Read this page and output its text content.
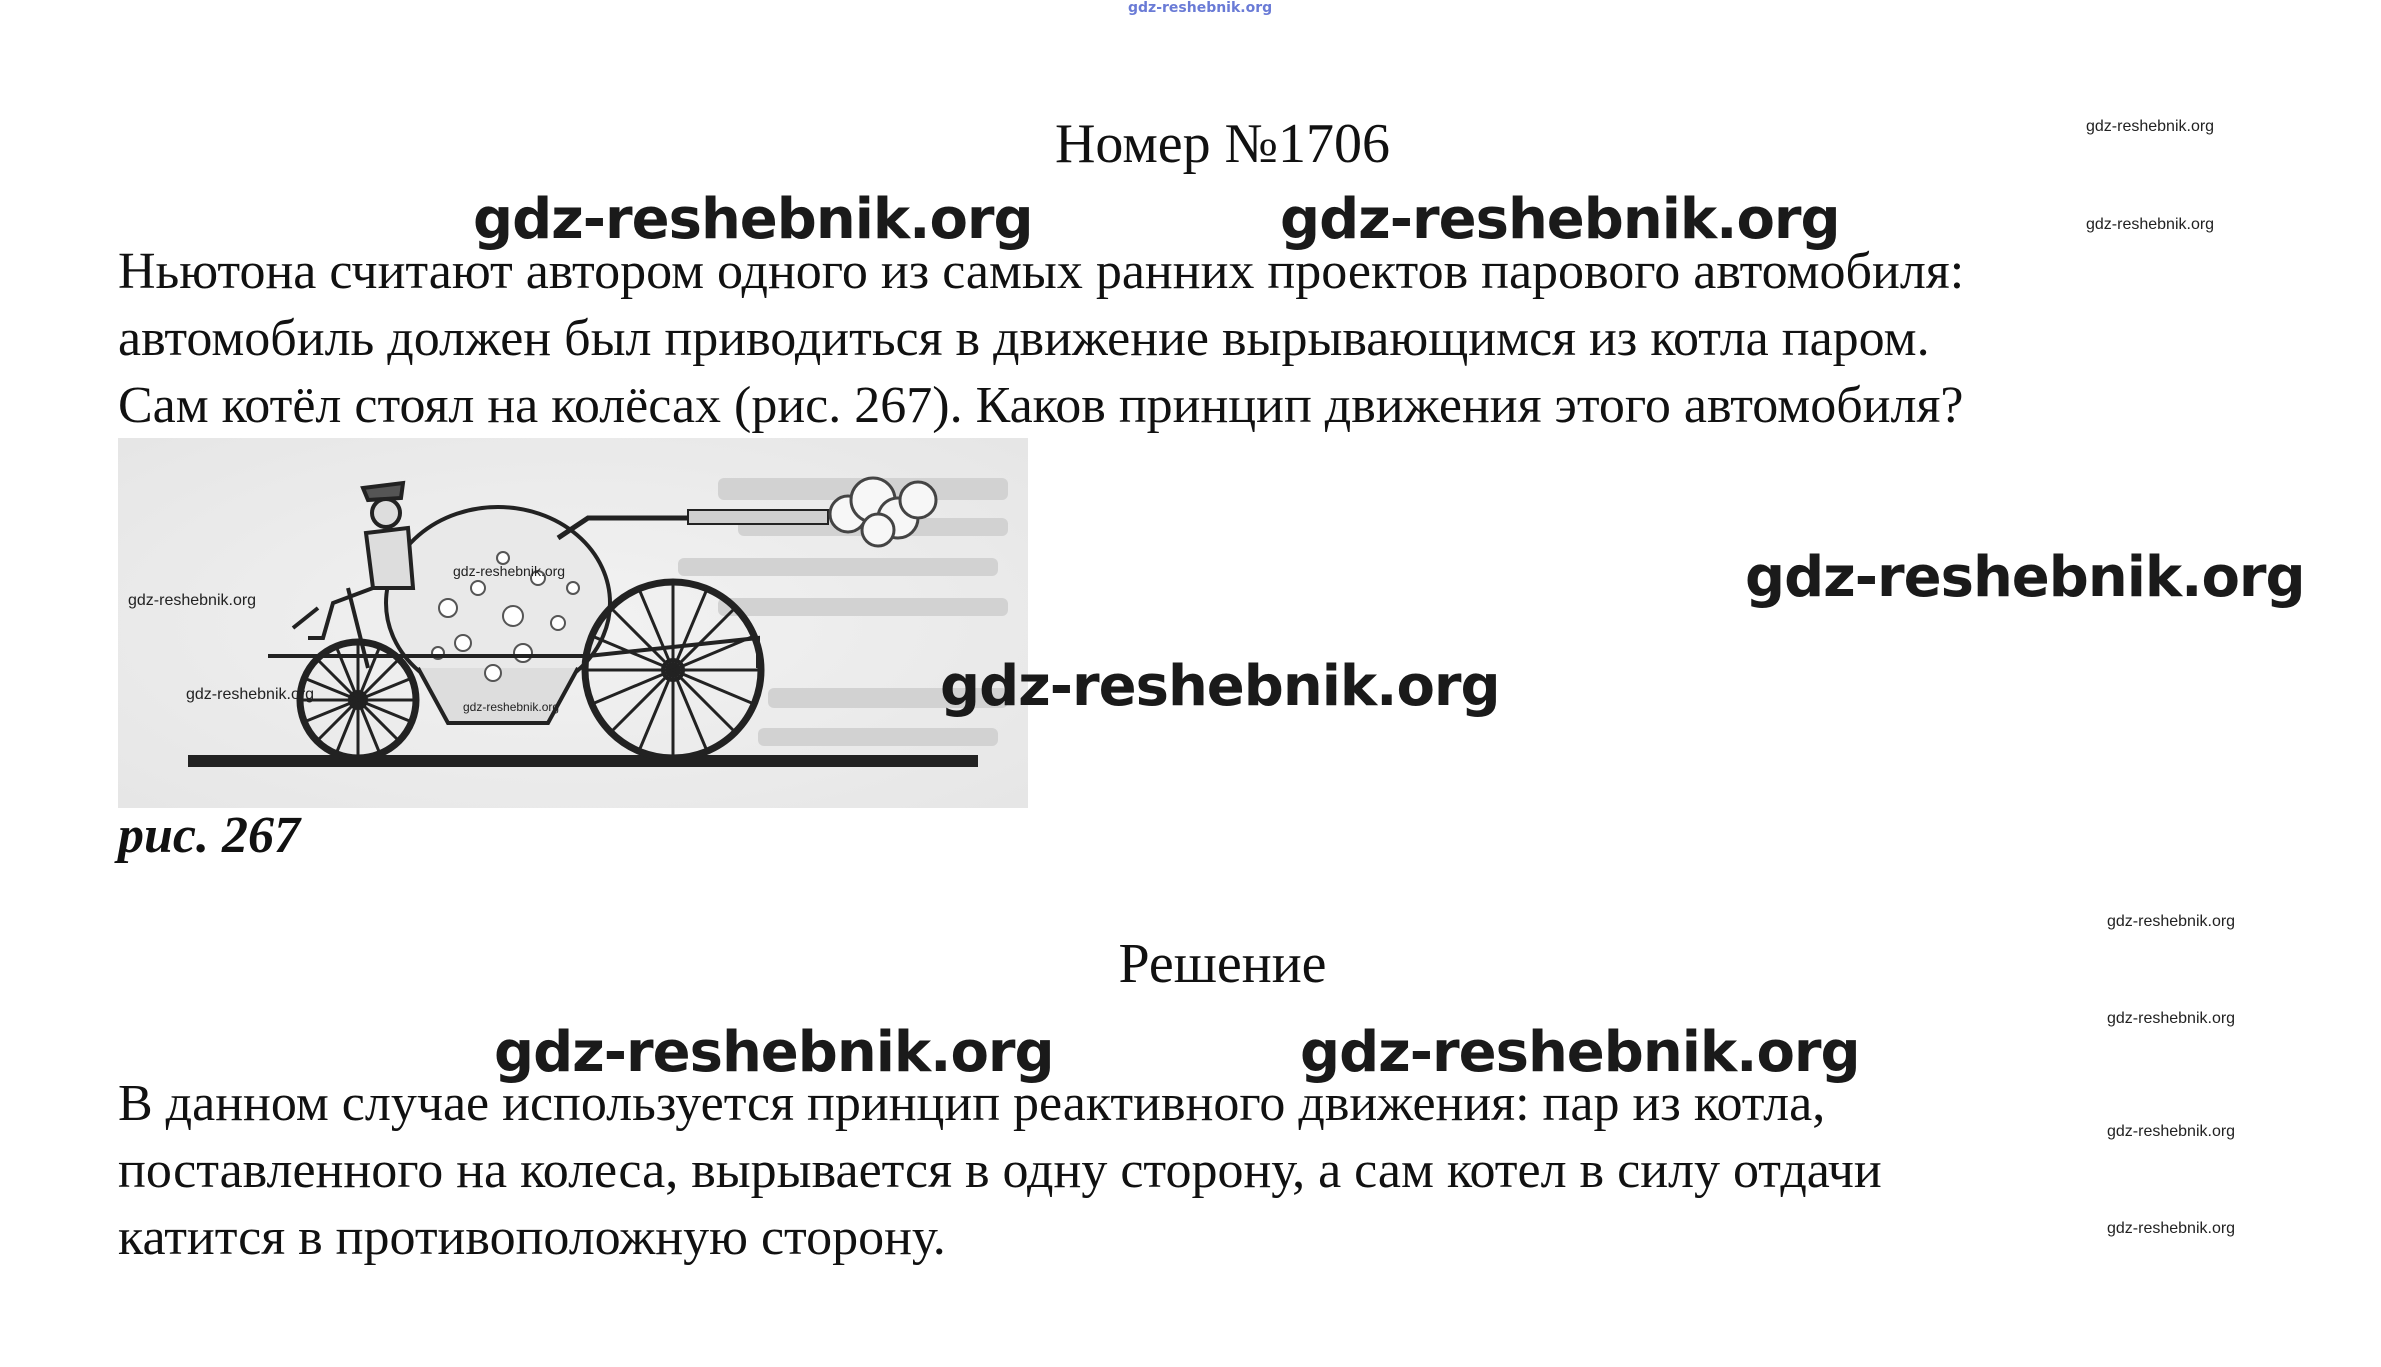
gdz-reshebnik.org
Номер №1706
Ньютона считают автором одного из самых ранних проектов парового автомобиля:
автомобиль должен был приводиться в движение вырывающимся из котла паром.
Сам котёл стоял на колёсах (рис. 267). Каков принцип движения этого автомобиля?
gdz-reshebnik.org
gdz-reshebnik.org
gdz-reshebnik.org
gdz-reshebnik.org
рис. 267
Решение
В данном случае используется принцип реактивного движения: пар из котла,
поставленного на колеса, вырывается в одну сторону, а сам котел в силу отдачи
катится в противоположную сторону.
gdz-reshebnik.org	gdz-reshebnik.org
gdz-reshebnik.org
gdz-reshebnik.org
gdz-reshebnik.org	gdz-reshebnik.org
gdz-reshebnik.org
gdz-reshebnik.org
gdz-reshebnik.org
gdz-reshebnik.org
gdz-reshebnik.org
gdz-reshebnik.org
